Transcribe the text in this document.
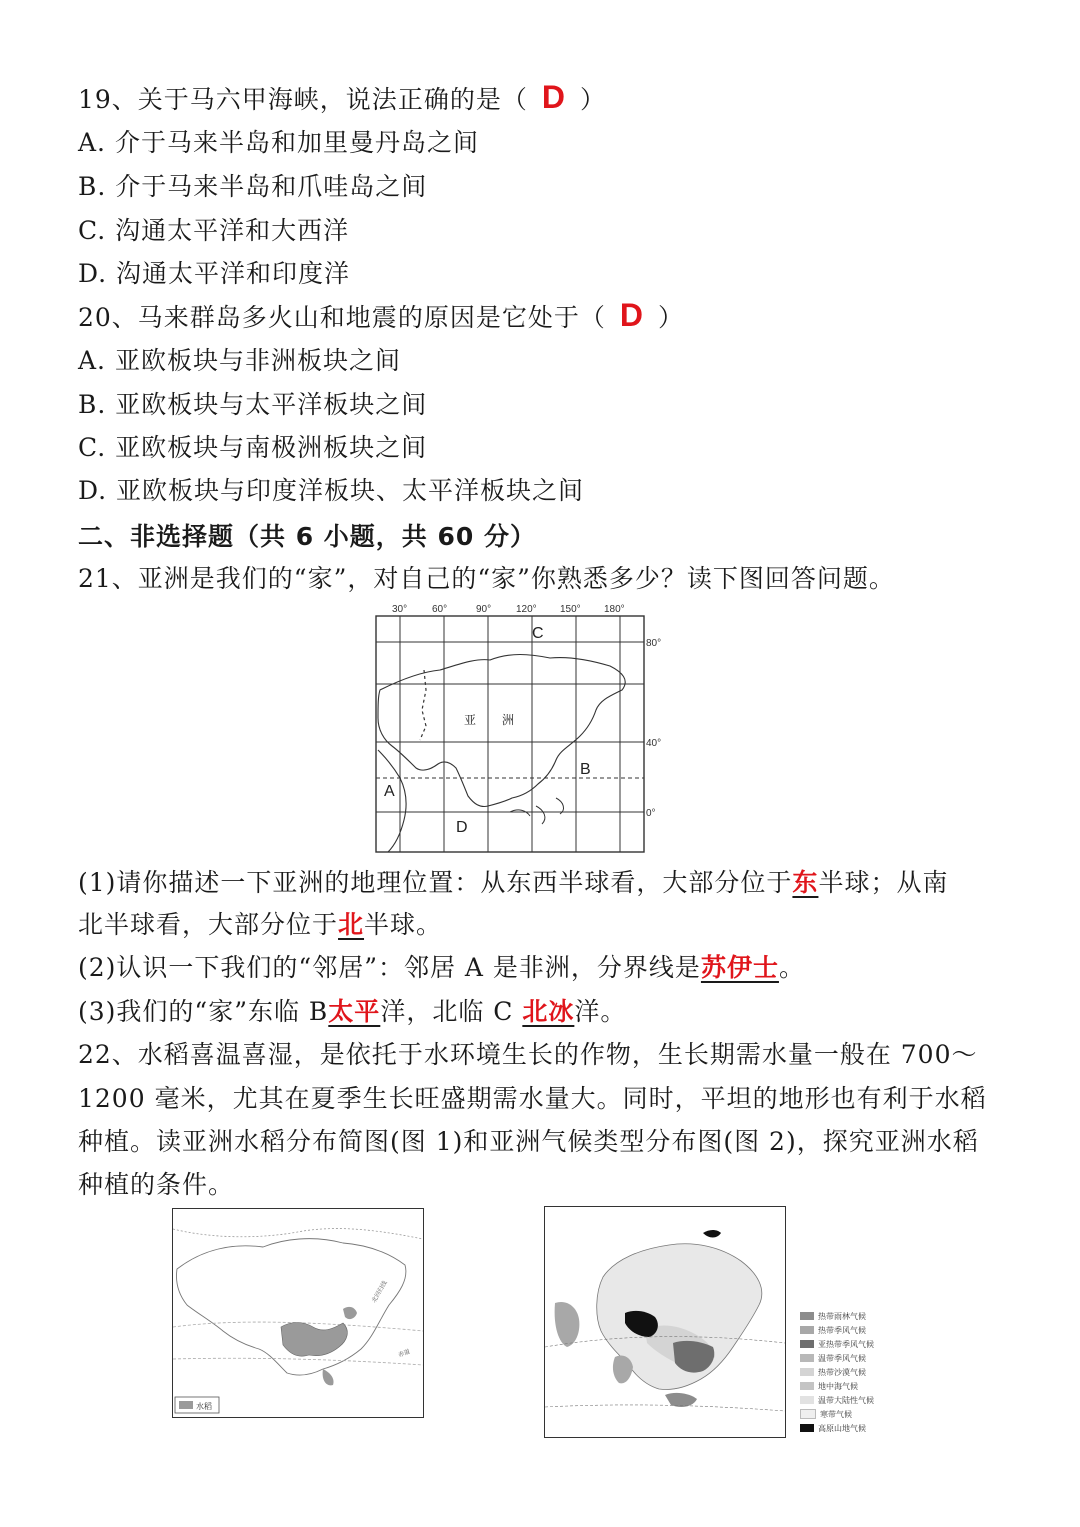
19、关于马六甲海峡，说法正确的是（ D ）
A. 介于马来半岛和加里曼丹岛之间
B. 介于马来半岛和爪哇岛之间
C. 沟通太平洋和大西洋
D. 沟通太平洋和印度洋
20、马来群岛多火山和地震的原因是它处于（ D ）
A. 亚欧板块与非洲板块之间
B. 亚欧板块与太平洋板块之间
C. 亚欧板块与南极洲板块之间
D. 亚欧板块与印度洋板块、太平洋板块之间
二、非选择题（共 6 小题，共 60 分）
21、亚洲是我们的“家”，对自己的“家”你熟悉多少？读下图回答问题。
30° 60°	90° 120° 150° 180°
80°
40°
0°
C
B
A
D
亚 洲
(1)请你描述一下亚洲的地理位置：从东西半球看，大部分位于东半球；从南
北半球看，大部分位于北半球。
(2)认识一下我们的“邻居”：邻居 A 是非洲，分界线是苏伊士。
(3)我们的“家”东临 B太平洋，北临 C 北冰洋。
22、水稻喜温喜湿，是依托于水环境生长的作物，生长期需水量一般在 700～
1200 毫米，尤其在夏季生长旺盛期需水量大。同时，平坦的地形也有利于水稻
种植。读亚洲水稻分布简图(图 1)和亚洲气候类型分布图(图 2)，探究亚洲水稻
种植的条件。
北回归线
赤道
水稻
热带雨林气候
热带季风气候
亚热带季风气候
温带季风气候
热带沙漠气候
地中海气候
温带大陆性气候
寒带气候
高原山地气候
